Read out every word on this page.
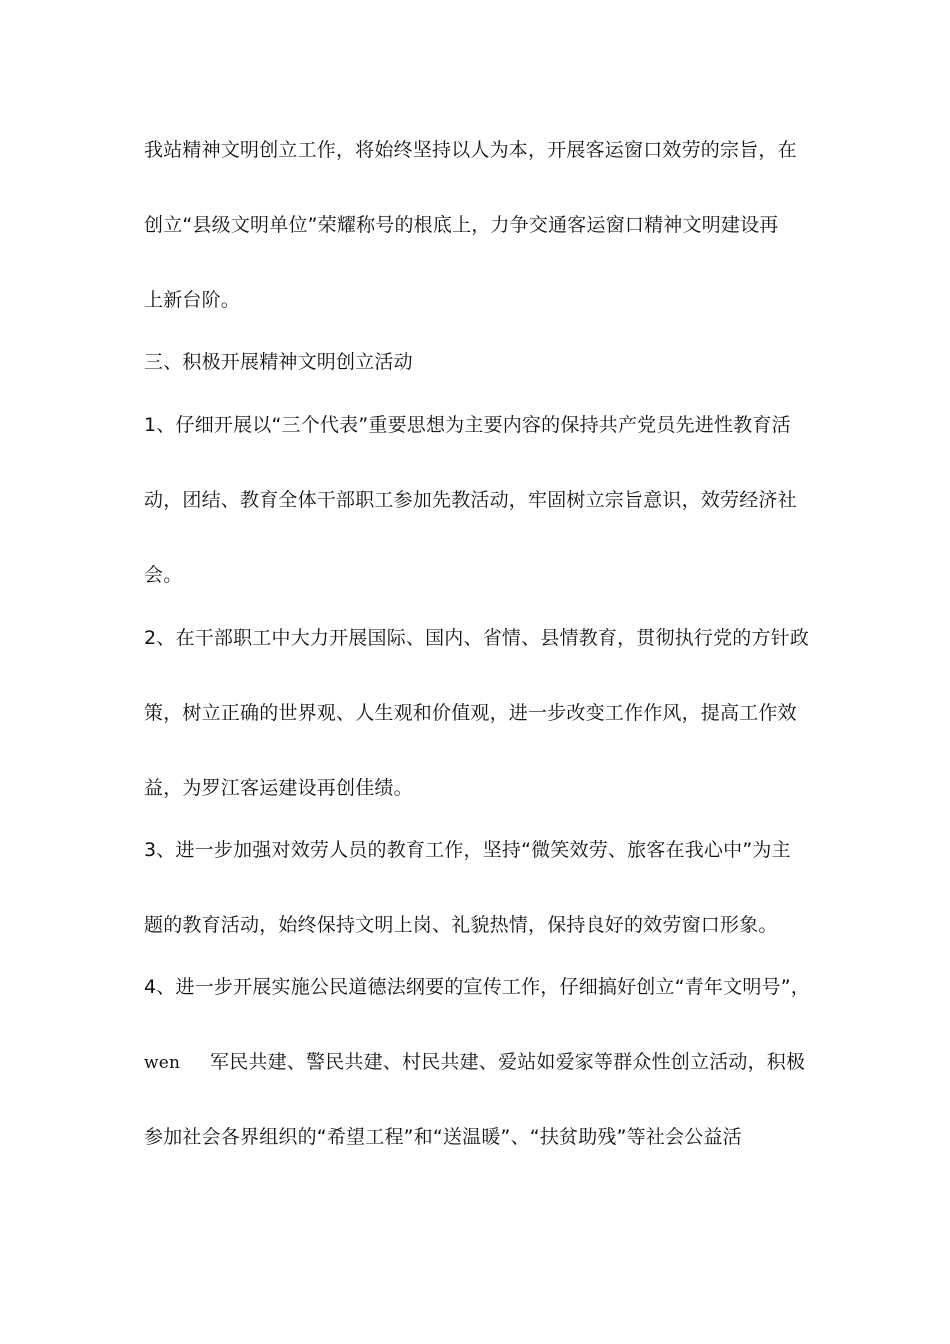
我站精神文明创立工作，将始终坚持以人为本，开展客运窗口效劳的宗旨，在
创立“县级文明单位”荣耀称号的根底上，力争交通客运窗口精神文明建设再
上新台阶。
三、积极开展精神文明创立活动
1、仔细开展以“三个代表”重要思想为主要内容的保持共产党员先进性教育活
动，团结、教育全体干部职工参加先教活动，牢固树立宗旨意识，效劳经济社
会。
2、在干部职工中大力开展国际、国内、省情、县情教育，贯彻执行党的方针政
策，树立正确的世界观、人生观和价值观，进一步改变工作作风，提高工作效
益，为罗江客运建设再创佳绩。
3、进一步加强对效劳人员的教育工作，坚持“微笑效劳、旅客在我心中”为主
题的教育活动，始终保持文明上岗、礼貌热情，保持良好的效劳窗口形象。
4、进一步开展实施公民道德法纲要的宣传工作，仔细搞好创立“青年文明号”，
wen 军民共建、警民共建、村民共建、爱站如爱家等群众性创立活动，积极
参加社会各界组织的“希望工程”和“送温暖”、“扶贫助残”等社会公益活
